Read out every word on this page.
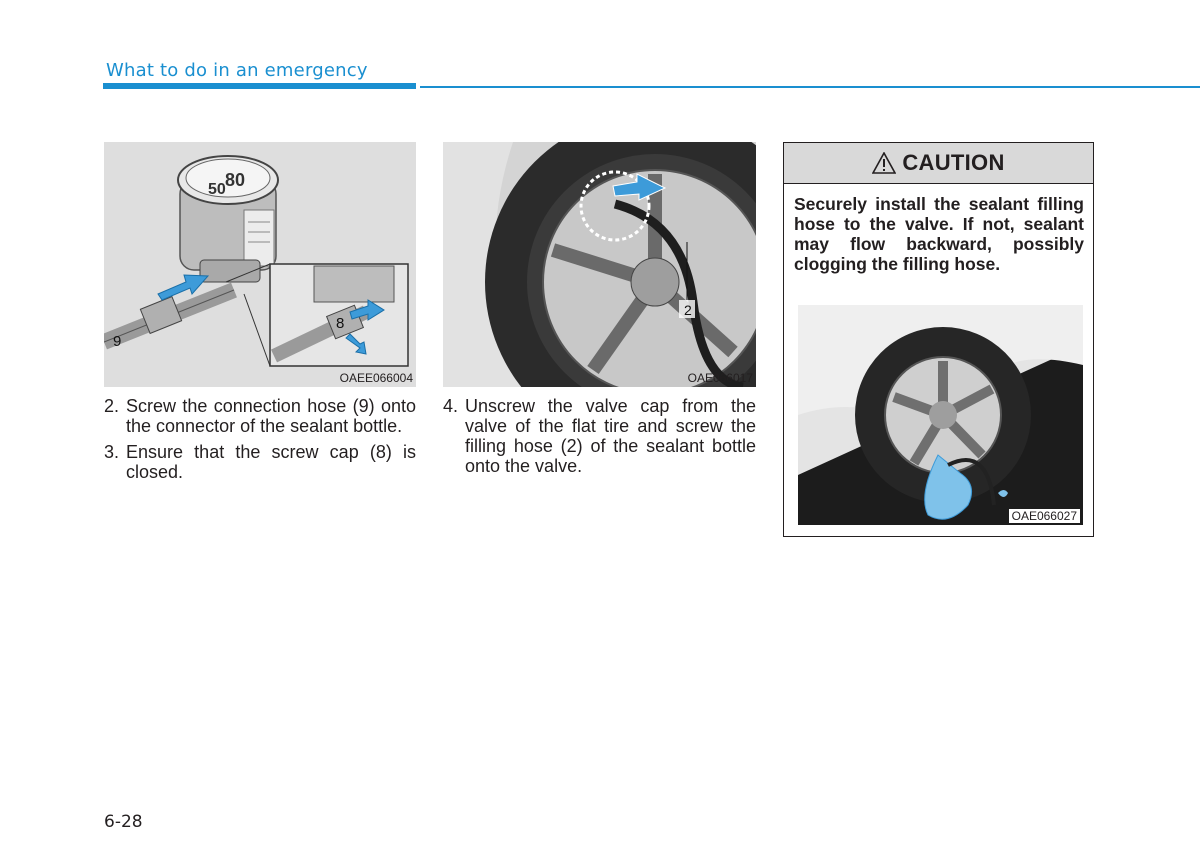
What to do in an emergency
8
9
80
50
OAEE066004
2
OAE066017
2. Screw the connection hose (9) onto the connector of the sealant bottle.
3. Ensure that the screw cap (8) is closed.
4. Unscrew the valve cap from the valve of the flat tire and screw the filling hose (2) of the sealant bottle onto the valve.
CAUTION
Securely install the sealant filling hose to the valve. If not, sealant may flow backward, possibly clogging the filling hose.
OAE066027
6-28
